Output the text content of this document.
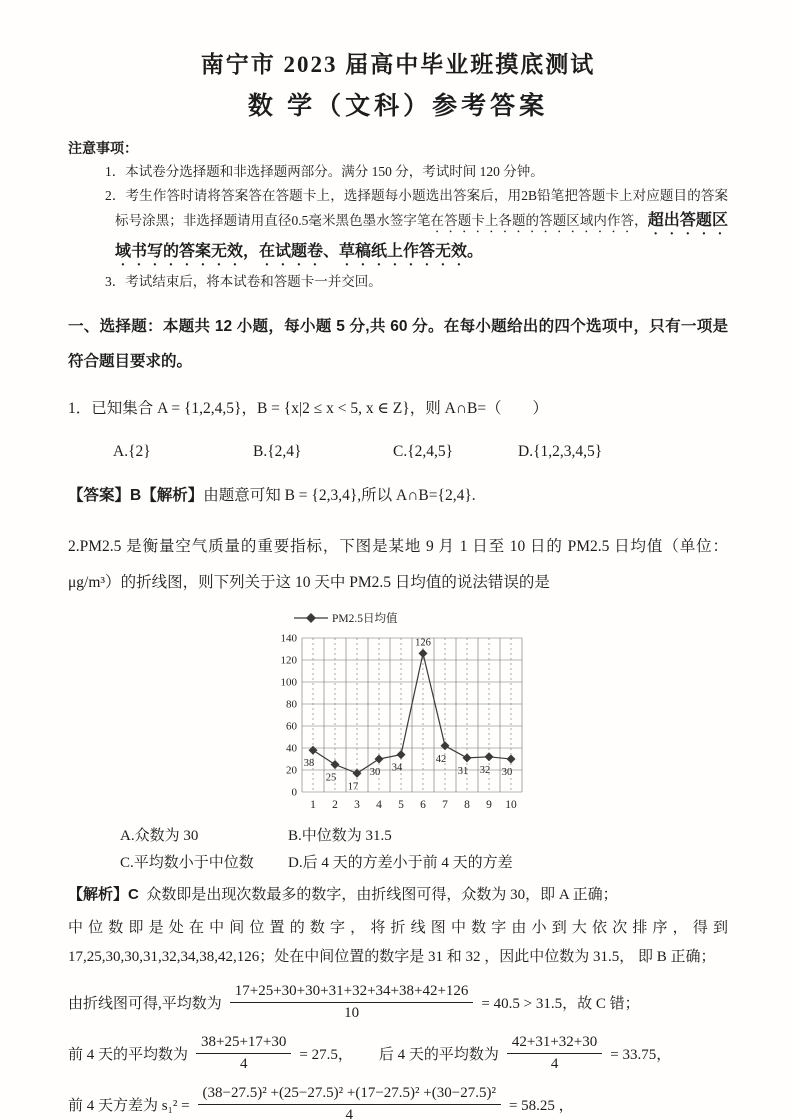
南宁市 2023 届高中毕业班摸底测试
数 学（文科）参考答案
注意事项：
1．本试卷分选择题和非选择题两部分。满分 150 分，考试时间 120 分钟。
2．考生作答时请将答案答在答题卡上，选择题每小题选出答案后，用2B铅笔把答题卡上对应题目的答案标号涂黑；非选择题请用直径0.5毫米黑色墨水签字笔在答题卡上各题的答题区域内作答，超出答题区域书写的答案无效，在试题卷、草稿纸上作答无效。
3．考试结束后，将本试卷和答题卡一并交回。
一、选择题：本题共 12 小题，每小题 5 分,共 60 分。在每小题给出的四个选项中，只有一项是符合题目要求的。
1．已知集合 A = {1,2,4,5}，B = {x|2 ≤ x < 5, x ∈ Z}，则 A∩B=（　　）
A.{2}	B.{2,4}	C.{2,4,5}	D.{1,2,3,4,5}
【答案】B【解析】由题意可知 B = {2,3,4},所以 A∩B={2,4}.
2.PM2.5 是衡量空气质量的重要指标，下图是某地 9 月 1 日至 10 日的 PM2.5 日均值（单位：μg/m³）的折线图，则下列关于这 10 天中 PM2.5 日均值的说法错误的是
PM2.5日均值
0
20
40
60
80
100
120
140
1 2 3 4 5 6 7 8 9 10
38
25
17
30 34
126
42
31 32 30
A.众数为 30	B.中位数为 31.5
C.平均数小于中位数	D.后 4 天的方差小于前 4 天的方差
【解析】C 众数即是出现次数最多的数字，由折线图可得，众数为 30，即 A 正确；
中位数即是处在中间位置的数字，将折线图中数字由小到大依次排序，得到 17,25,30,30,31,32,34,38,42,126；处在中间位置的数字是 31 和 32 ，因此中位数为 31.5， 即 B 正确；
由折线图可得,平均数为 $\frac{17+25+30+30+31+32+34+38+42+126}{10} = 40.5 > 31.5$，故 C 错；
前 4 天的平均数为 $\frac{38+25+17+30}{4} = 27.5$， 后 4 天的平均数为 $\frac{42+31+32+30}{4} = 33.75$，
前 4 天方差为 $s_1^2 = \frac{\text{(38−27.5)² +(25−27.5)² +(17−27.5)² +(30−27.5)²}}{4} = 58.25$ ，
